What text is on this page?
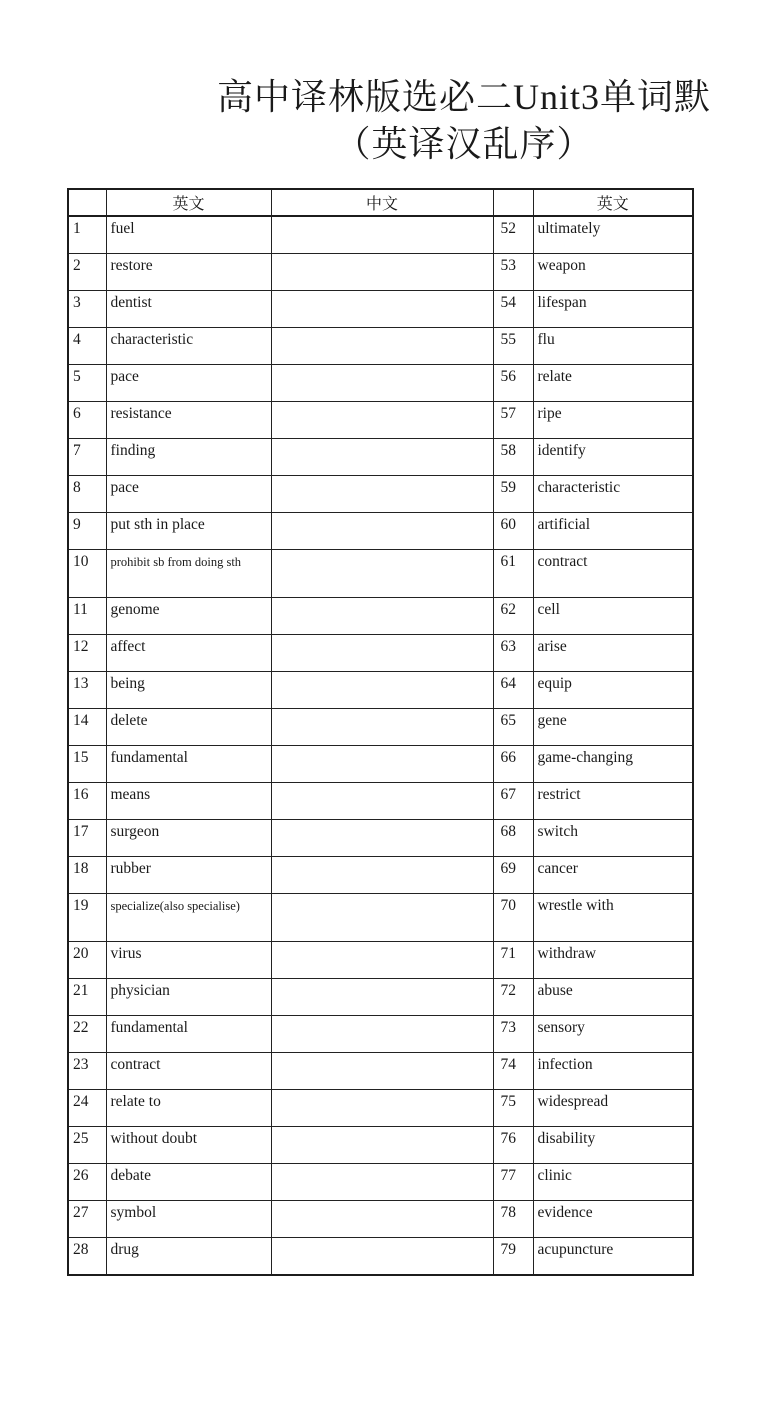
高中译林版选必二Unit3单词默
（英译汉乱序）
	英文	中文		英文
1	fuel		52	ultimately
2	restore		53	weapon
3	dentist		54	lifespan
4	characteristic		55	flu
5	pace		56	relate
6	resistance		57	ripe
7	finding		58	identify
8	pace		59	characteristic
9	put sth in place		60	artificial
10	prohibit sb from doing sth		61	contract
11	genome		62	cell
12	affect		63	arise
13	being		64	equip
14	delete		65	gene
15	fundamental		66	game-changing
16	means		67	restrict
17	surgeon		68	switch
18	rubber		69	cancer
19	specialize(also specialise)		70	wrestle with
20	virus		71	withdraw
21	physician		72	abuse
22	fundamental		73	sensory
23	contract		74	infection
24	relate to		75	widespread
25	without doubt		76	disability
26	debate		77	clinic
27	symbol		78	evidence
28	drug		79	acupuncture
